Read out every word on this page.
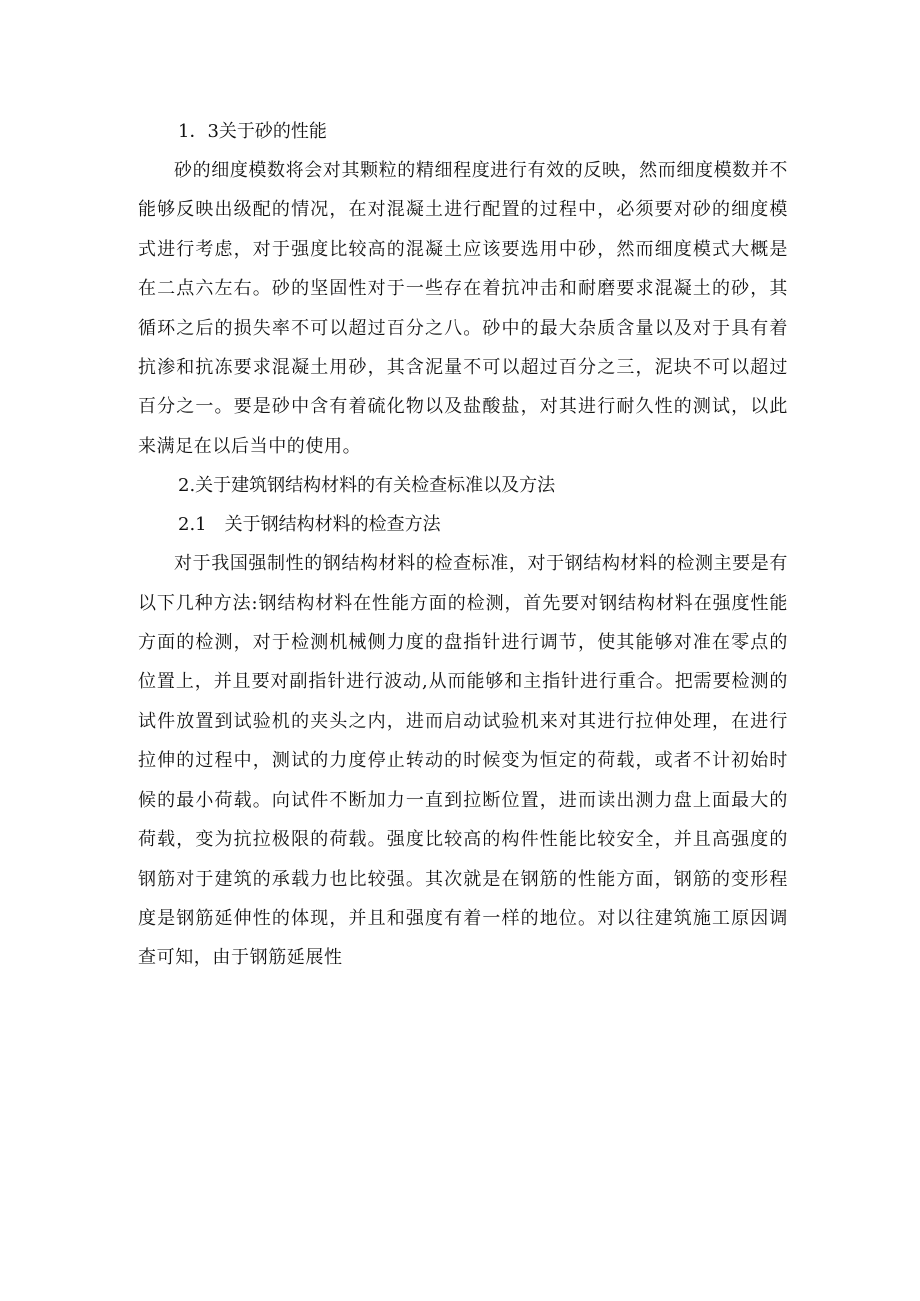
1．3关于砂的性能

砂的细度模数将会对其颗粒的精细程度进行有效的反映，然而细度模数并不能够反映出级配的情况，在对混凝土进行配置的过程中，必须要对砂的细度模式进行考虑，对于强度比较高的混凝土应该要选用中砂，然而细度模式大概是在二点六左右。砂的坚固性对于一些存在着抗冲击和耐磨要求混凝土的砂，其循环之后的损失率不可以超过百分之八。砂中的最大杂质含量以及对于具有着抗渗和抗冻要求混凝土用砂，其含泥量不可以超过百分之三，泥块不可以超过百分之一。要是砂中含有着硫化物以及盐酸盐，对其进行耐久性的测试，以此来满足在以后当中的使用。

2.关于建筑钢结构材料的有关检查标准以及方法

2.1　关于钢结构材料的检查方法

对于我国强制性的钢结构材料的检查标准，对于钢结构材料的检测主要是有以下几种方法:钢结构材料在性能方面的检测，首先要对钢结构材料在强度性能方面的检测，对于检测机械侧力度的盘指针进行调节，使其能够对准在零点的位置上，并且要对副指针进行波动,从而能够和主指针进行重合。把需要检测的试件放置到试验机的夹头之内，进而启动试验机来对其进行拉伸处理，在进行拉伸的过程中，测试的力度停止转动的时候变为恒定的荷载，或者不计初始时候的最小荷载。向试件不断加力一直到拉断位置，进而读出测力盘上面最大的荷载，变为抗拉极限的荷载。强度比较高的构件性能比较安全，并且高强度的钢筋对于建筑的承载力也比较强。其次就是在钢筋的性能方面，钢筋的变形程度是钢筋延伸性的体现，并且和强度有着一样的地位。对以往建筑施工原因调查可知，由于钢筋延展性
